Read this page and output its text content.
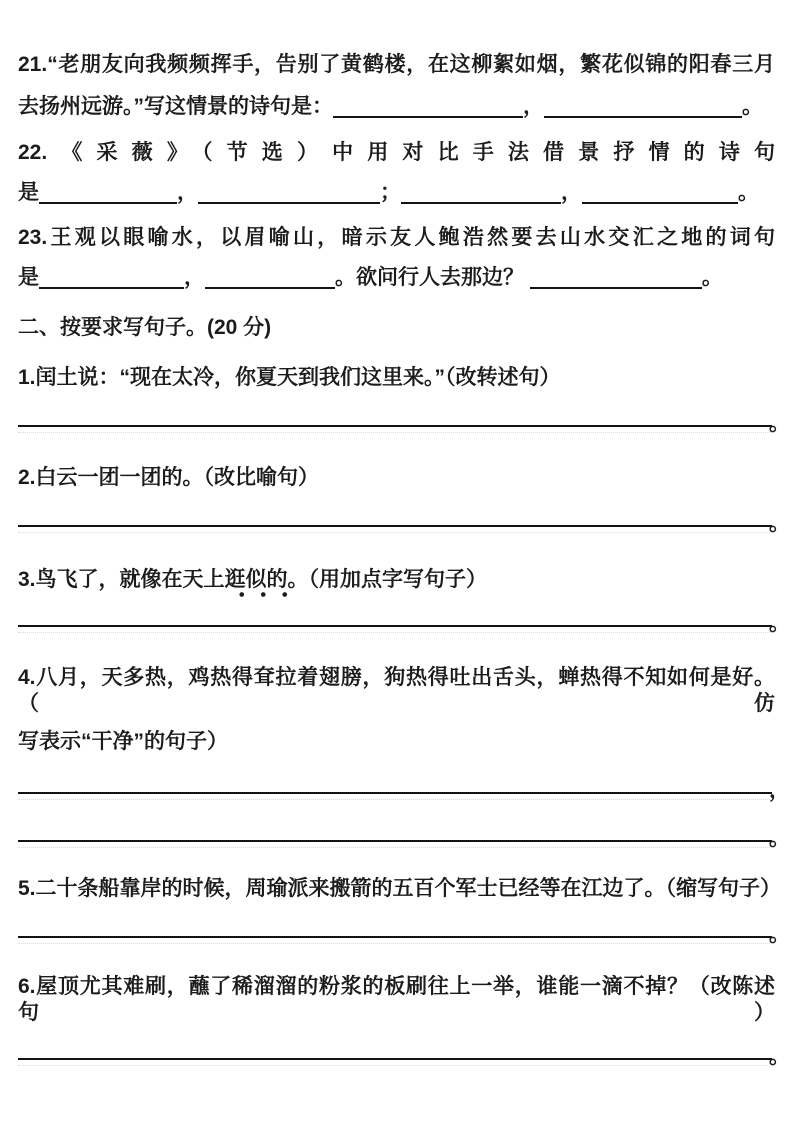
21.“老朋友向我频频挥手，告别了黄鹤楼，在这柳絮如烟，繁花似锦的阳春三月
去扬州远游。”写这情景的诗句是：	，	。
22.《采薇》（节选）中用对比手法借景抒情的诗句
是	，	；	，	。
23.王观以眼喻水，以眉喻山，暗示友人鲍浩然要去山水交汇之地的词句
是	，	。欲问行人去那边？	。
二、按要求写句子。(20 分)
1.闰土说：“现在太冷，你夏天到我们这里来。”（改转述句）
。
2.白云一团一团的。（改比喻句）
。
3.鸟飞了，就像在天上逛似的。（用加点字写句子）
。
4.八月，天多热，鸡热得耷拉着翅膀，狗热得吐出舌头，蝉热得不知如何是好。（仿
写表示“干净”的句子）
，
。
5.二十条船靠岸的时候，周瑜派来搬箭的五百个军士已经等在江边了。（缩写句子）
。
6.屋顶尤其难刷，蘸了稀溜溜的粉浆的板刷往上一举，谁能一滴不掉？（改陈述句）
。
